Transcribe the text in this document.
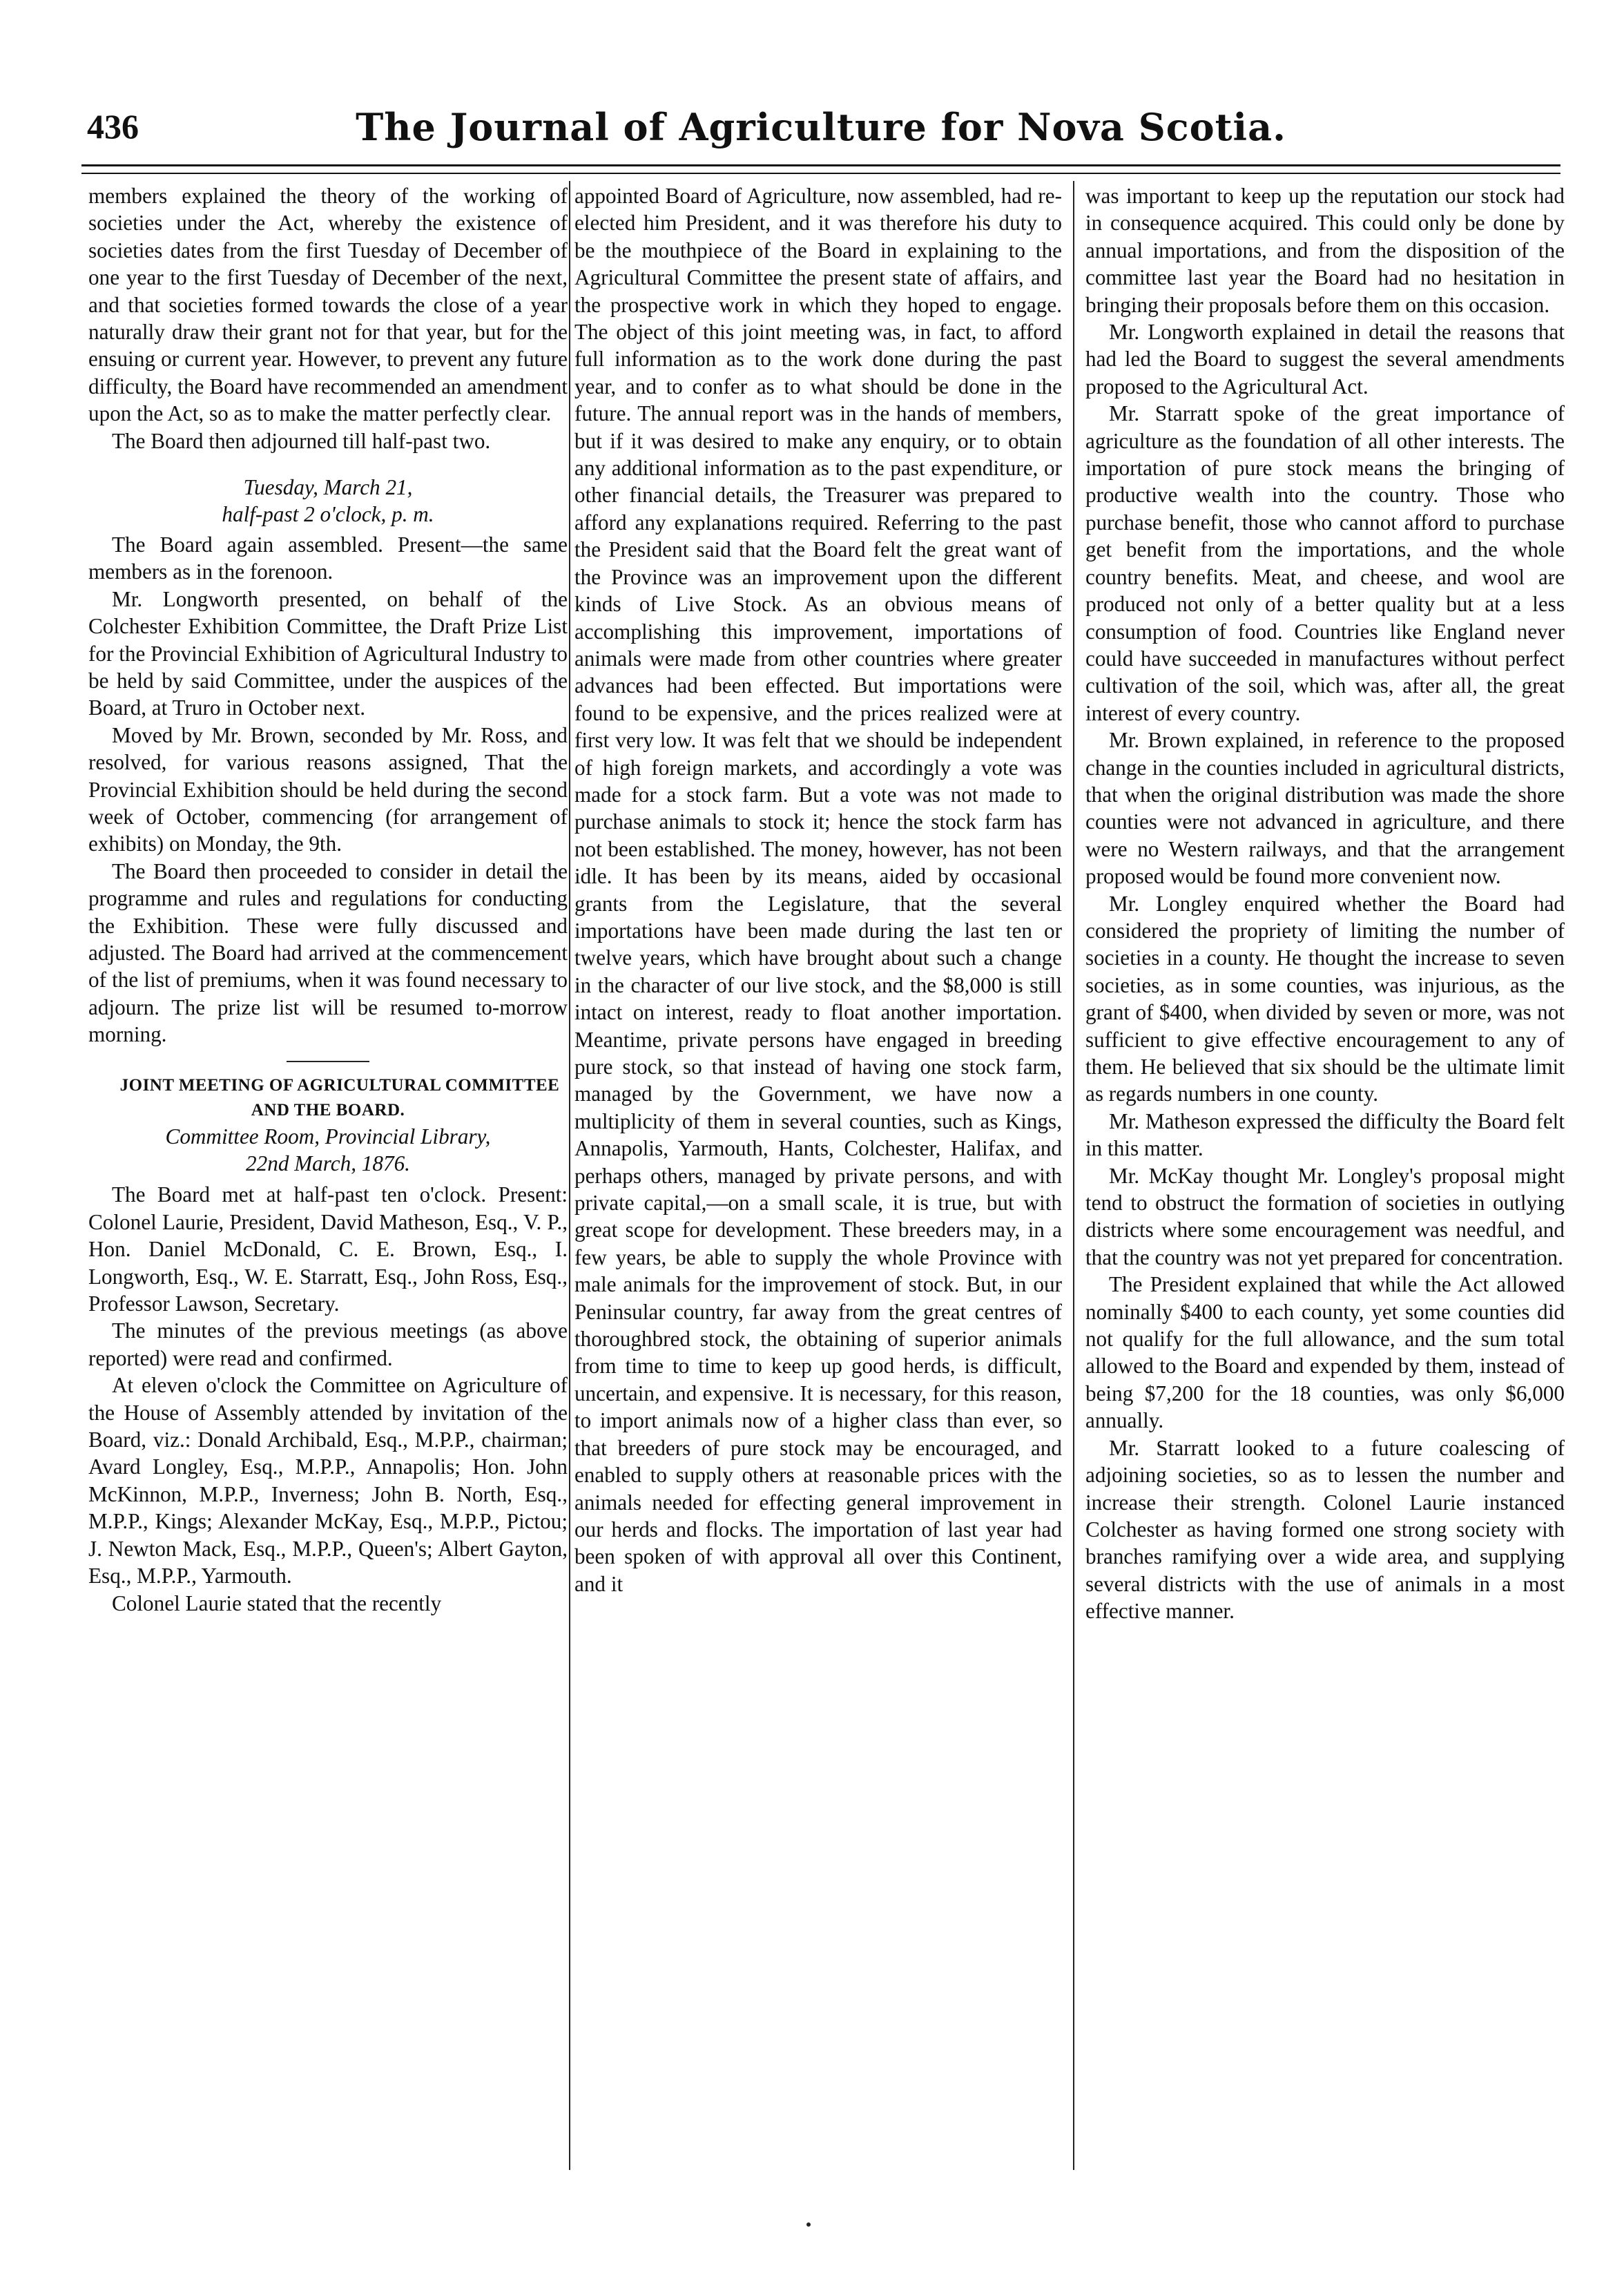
436	The Journal of Agriculture for Nova Scotia.

members explained the theory of the working of societies under the Act, whereby the existence of societies dates from the first Tuesday of December of one year to the first Tuesday of December of the next, and that societies formed towards the close of a year naturally draw their grant not for that year, but for the ensuing or current year. However, to prevent any future difficulty, the Board have recommended an amendment upon the Act, so as to make the matter perfectly clear.

The Board then adjourned till half-past two.

Tuesday, March 21,
half-past 2 o'clock, p. m.

The Board again assembled. Present—the same members as in the forenoon.

Mr. Longworth presented, on behalf of the Colchester Exhibition Committee, the Draft Prize List for the Provincial Exhibition of Agricultural Industry to be held by said Committee, under the auspices of the Board, at Truro in October next.

Moved by Mr. Brown, seconded by Mr. Ross, and resolved, for various reasons assigned, That the Provincial Exhibition should be held during the second week of October, commencing (for arrangement of exhibits) on Monday, the 9th.

The Board then proceeded to consider in detail the programme and rules and regulations for conducting the Exhibition. These were fully discussed and adjusted. The Board had arrived at the commencement of the list of premiums, when it was found necessary to adjourn. The prize list will be resumed to-morrow morning.

JOINT MEETING OF AGRICULTURAL COMMITTEE AND THE BOARD.

Committee Room, Provincial Library,
22nd March, 1876.

The Board met at half-past ten o'clock. Present: Colonel Laurie, President, David Matheson, Esq., V. P., Hon. Daniel McDonald, C. E. Brown, Esq., I. Longworth, Esq., W. E. Starratt, Esq., John Ross, Esq., Professor Lawson, Secretary.

The minutes of the previous meetings (as above reported) were read and confirmed.

At eleven o'clock the Committee on Agriculture of the House of Assembly attended by invitation of the Board, viz.: Donald Archibald, Esq., M.P.P., chairman; Avard Longley, Esq., M.P.P., Annapolis; Hon. John McKinnon, M.P.P., Inverness; John B. North, Esq., M.P.P., Kings; Alexander McKay, Esq., M.P.P., Pictou; J. Newton Mack, Esq., M.P.P., Queen's; Albert Gayton, Esq., M.P.P., Yarmouth.

Colonel Laurie stated that the recently

appointed Board of Agriculture, now assembled, had re-elected him President, and it was therefore his duty to be the mouthpiece of the Board in explaining to the Agricultural Committee the present state of affairs, and the prospective work in which they hoped to engage. The object of this joint meeting was, in fact, to afford full information as to the work done during the past year, and to confer as to what should be done in the future. The annual report was in the hands of members, but if it was desired to make any enquiry, or to obtain any additional information as to the past expenditure, or other financial details, the Treasurer was prepared to afford any explanations required. Referring to the past the President said that the Board felt the great want of the Province was an improvement upon the different kinds of Live Stock. As an obvious means of accomplishing this improvement, importations of animals were made from other countries where greater advances had been effected. But importations were found to be expensive, and the prices realized were at first very low. It was felt that we should be independent of high foreign markets, and accordingly a vote was made for a stock farm. But a vote was not made to purchase animals to stock it; hence the stock farm has not been established. The money, however, has not been idle. It has been by its means, aided by occasional grants from the Legislature, that the several importations have been made during the last ten or twelve years, which have brought about such a change in the character of our live stock, and the $8,000 is still intact on interest, ready to float another importation. Meantime, private persons have engaged in breeding pure stock, so that instead of having one stock farm, managed by the Government, we have now a multiplicity of them in several counties, such as Kings, Annapolis, Yarmouth, Hants, Colchester, Halifax, and perhaps others, managed by private persons, and with private capital,—on a small scale, it is true, but with great scope for development. These breeders may, in a few years, be able to supply the whole Province with male animals for the improvement of stock. But, in our Peninsular country, far away from the great centres of thoroughbred stock, the obtaining of superior animals from time to time to keep up good herds, is difficult, uncertain, and expensive. It is necessary, for this reason, to import animals now of a higher class than ever, so that breeders of pure stock may be encouraged, and enabled to supply others at reasonable prices with the animals needed for effecting general improvement in our herds and flocks. The importation of last year had been spoken of with approval all over this Continent, and it

was important to keep up the reputation our stock had in consequence acquired. This could only be done by annual importations, and from the disposition of the committee last year the Board had no hesitation in bringing their proposals before them on this occasion.

Mr. Longworth explained in detail the reasons that had led the Board to suggest the several amendments proposed to the Agricultural Act.

Mr. Starratt spoke of the great importance of agriculture as the foundation of all other interests. The importation of pure stock means the bringing of productive wealth into the country. Those who purchase benefit, those who cannot afford to purchase get benefit from the importations, and the whole country benefits. Meat, and cheese, and wool are produced not only of a better quality but at a less consumption of food. Countries like England never could have succeeded in manufactures without perfect cultivation of the soil, which was, after all, the great interest of every country.

Mr. Brown explained, in reference to the proposed change in the counties included in agricultural districts, that when the original distribution was made the shore counties were not advanced in agriculture, and there were no Western railways, and that the arrangement proposed would be found more convenient now.

Mr. Longley enquired whether the Board had considered the propriety of limiting the number of societies in a county. He thought the increase to seven societies, as in some counties, was injurious, as the grant of $400, when divided by seven or more, was not sufficient to give effective encouragement to any of them. He believed that six should be the ultimate limit as regards numbers in one county.

Mr. Matheson expressed the difficulty the Board felt in this matter.

Mr. McKay thought Mr. Longley's proposal might tend to obstruct the formation of societies in outlying districts where some encouragement was needful, and that the country was not yet prepared for concentration.

The President explained that while the Act allowed nominally $400 to each county, yet some counties did not qualify for the full allowance, and the sum total allowed to the Board and expended by them, instead of being $7,200 for the 18 counties, was only $6,000 annually.

Mr. Starratt looked to a future coalescing of adjoining societies, so as to lessen the number and increase their strength. Colonel Laurie instanced Colchester as having formed one strong society with branches ramifying over a wide area, and supplying several districts with the use of animals in a most effective manner.
